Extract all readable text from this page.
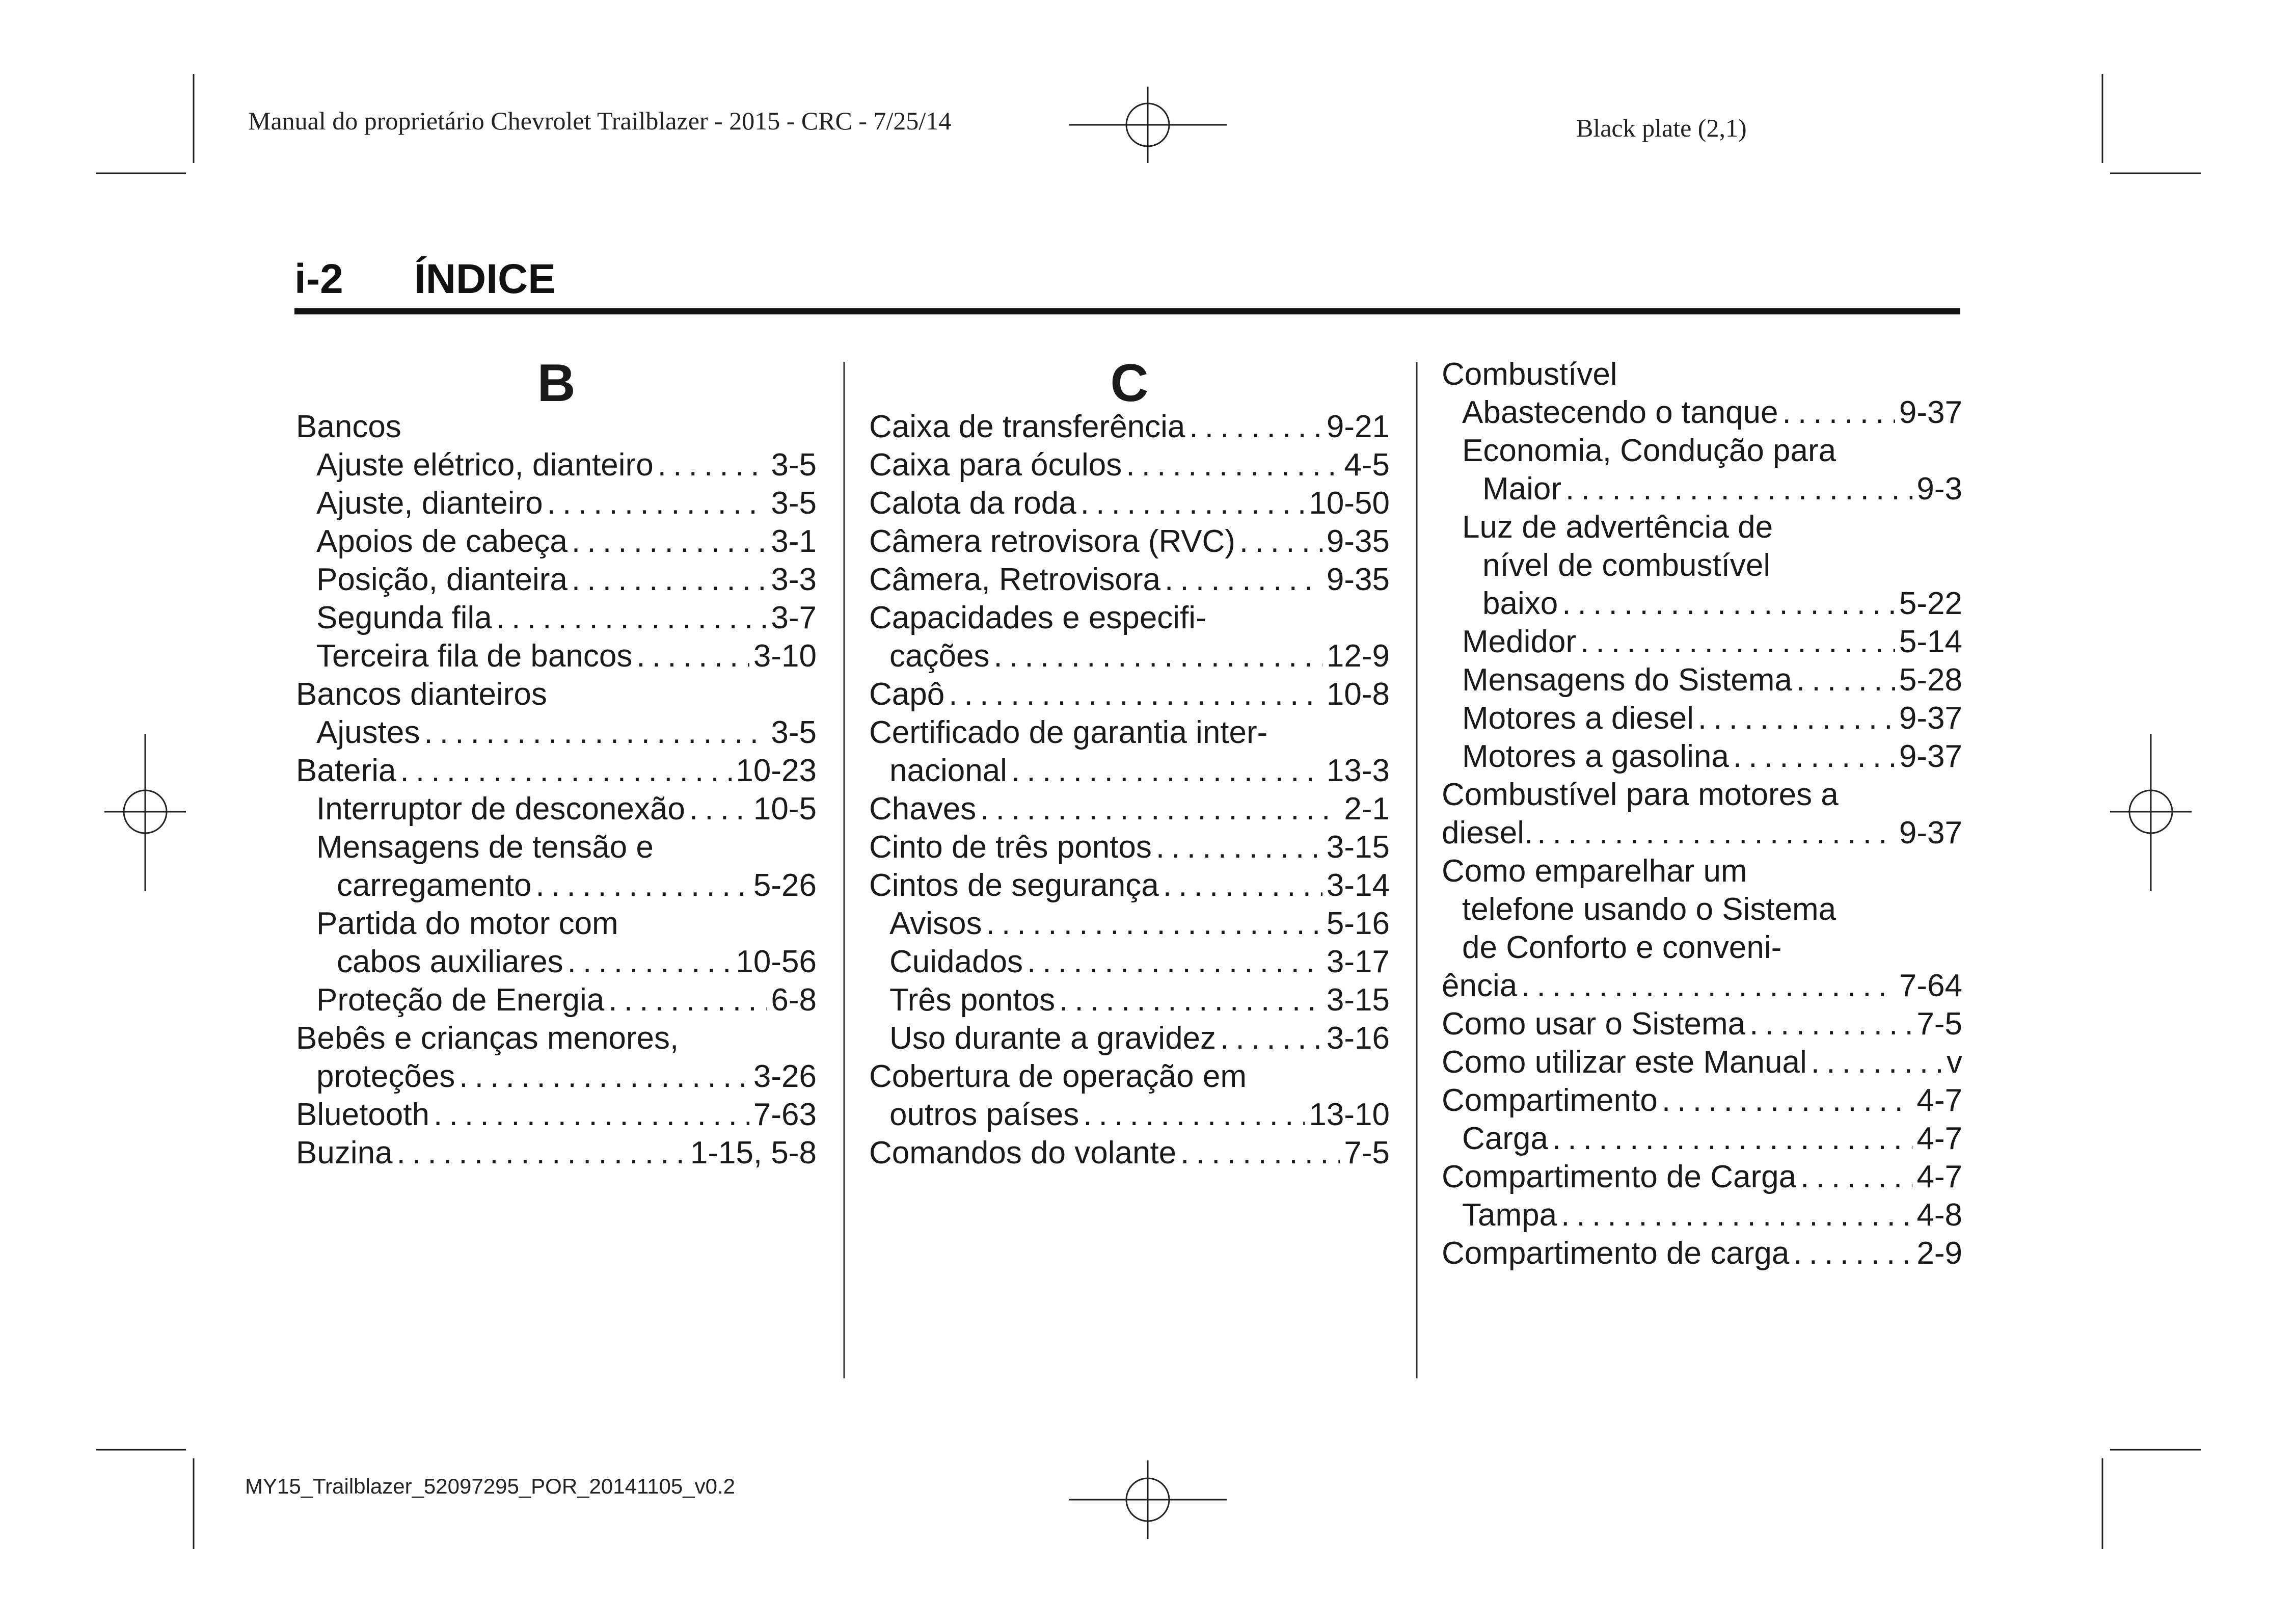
Manual do proprietário Chevrolet Trailblazer - 2015 - CRC - 7/25/14	Black plate (2,1)
i-2 ÍNDICE
B
Bancos
Ajuste elétrico, dianteiro . . .	3-5
Ajuste, dianteiro . . .	3-5
Apoios de cabeça . . .	3-1
Posição, dianteira . . .	3-3
Segunda fila . . .	3-7
Terceira fila de bancos . . .	3-10
Bancos dianteiros
Ajustes . . .	3-5
Bateria . . .	10-23
Interruptor de desconexão . . . 10-5
Mensagens de tensão e
carregamento . . .	5-26
Partida do motor com
cabos auxiliares . . .	10-56
Proteção de Energia . . .	6-8
Bebês e crianças menores,
proteções . . .	3-26
Bluetooth . . .	7-63
Buzina . . .	1-15, 5-8
C
Caixa de transferência . . .	9-21
Caixa para óculos . . .	4-5
Calota da roda . . .	10-50
Câmera retrovisora (RVC) . . .	9-35
Câmera, Retrovisora . . .	9-35
Capacidades e especifi-
cações . . .	12-9
Capô . . .	10-8
Certificado de garantia inter-
nacional . . .	13-3
Chaves . . .	2-1
Cinto de três pontos . . .	3-15
Cintos de segurança . . .	3-14
Avisos . . .	5-16
Cuidados . . .	3-17
Três pontos . . .	3-15
Uso durante a gravidez . . .	3-16
Cobertura de operação em
outros países . . .	13-10
Comandos do volante . . .	7-5
Combustível
Abastecendo o tanque . . .	9-37
Economia, Condução para
Maior . . .	9-3
Luz de advertência de
nível de combustível
baixo . . .	5-22
Medidor . . .	5-14
Mensagens do Sistema . . .	5-28
Motores a diesel . . .	9-37
Motores a gasolina . . .	9-37
Combustível para motores a
diesel. . . .	9-37
Como emparelhar um
telefone usando o Sistema
de Conforto e conveni-
ência . . .	7-64
Como usar o Sistema . . .	7-5
Como utilizar este Manual . . .	v
Compartimento . . .	4-7
Carga . . .	4-7
Compartimento de Carga . . .	4-7
Tampa . . .	4-8
Compartimento de carga . . .	2-9
MY15_Trailblazer_52097295_POR_20141105_v0.2
